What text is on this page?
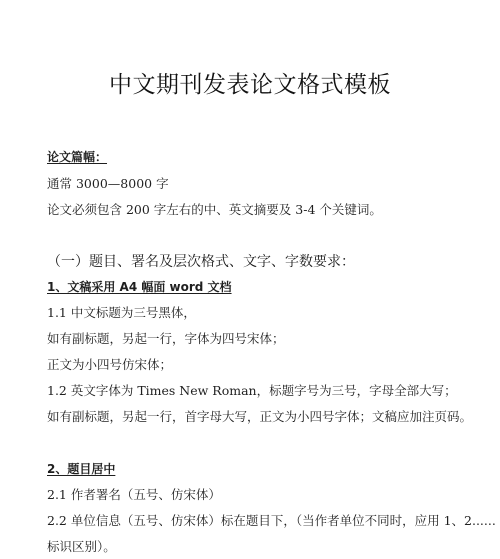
中文期刊发表论文格式模板
论文篇幅：
通常 3000—8000 字
论文必须包含 200 字左右的中、英文摘要及 3-4 个关键词。
（一）题目、署名及层次格式、文字、字数要求：
1、文稿采用 A4 幅面 word 文档
1.1 中文标题为三号黑体，
如有副标题，另起一行，字体为四号宋体；
正文为小四号仿宋体；
1.2 英文字体为 Times New Roman，标题字号为三号，字母全部大写；
如有副标题，另起一行，首字母大写，正文为小四号字体；文稿应加注页码。
2、题目居中
2.1 作者署名（五号、仿宋体）
2.2 单位信息（五号、仿宋体）标在题目下，（当作者单位不同时，应用 1、2......
标识区别）。
